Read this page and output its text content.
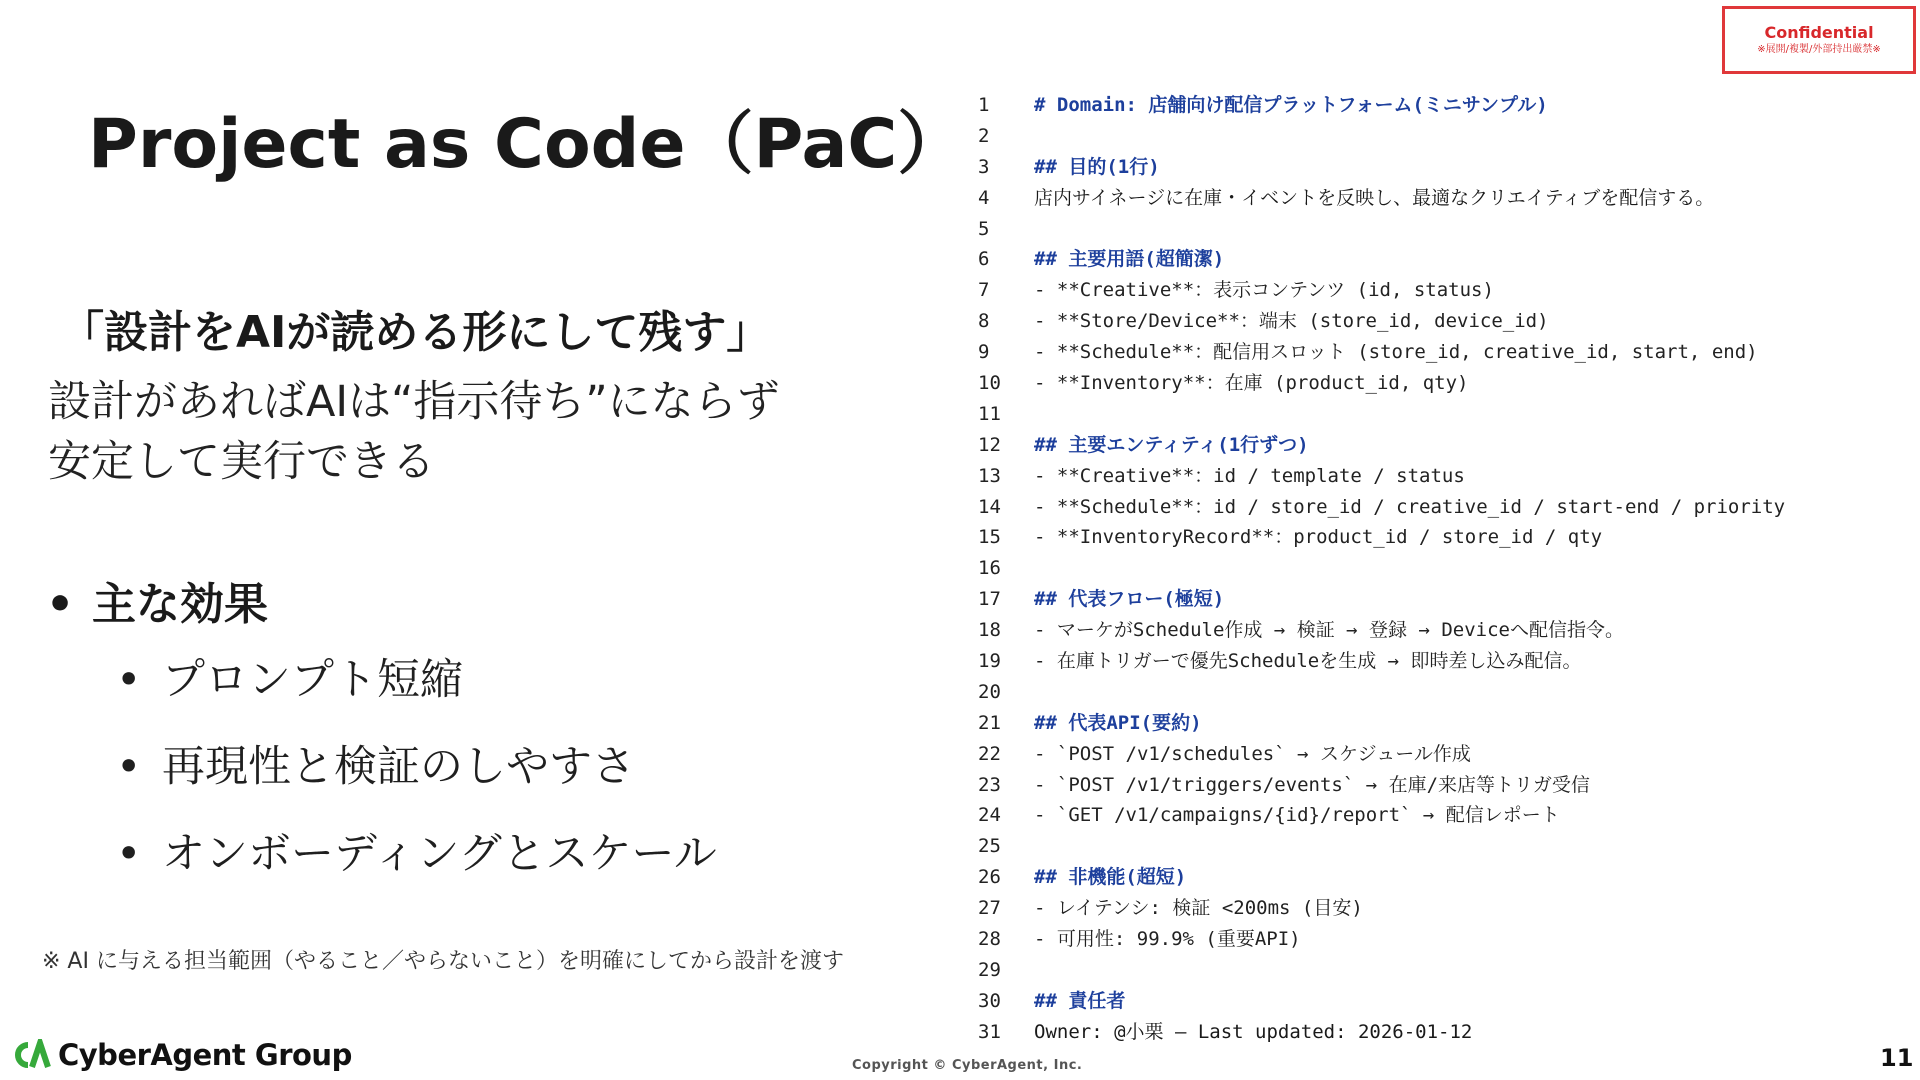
Confidential
※展開/複製/外部持出厳禁※
Project as Code（PaC）
「設計をAIが読める形にして残す」
設計があればAIは“指示待ち”にならず
安定して実行できる
• 主な効果
• プロンプト短縮
• 再現性と検証のしやすさ
• オンボーディングとスケール
※ AI に与える担当範囲（やること／やらないこと）を明確にしてから設計を渡す
1 # Domain: 店舗向け配信プラットフォーム(ミニサンプル)
2
3 ## 目的(1行)
4 店内サイネージに在庫・イベントを反映し、最適なクリエイティブを配信する。
5
6 ## 主要用語(超簡潔)
7 - **Creative**：表示コンテンツ (id, status)
8 - **Store/Device**：端末 (store_id, device_id)
9 - **Schedule**：配信用スロット (store_id, creative_id, start, end)
10 - **Inventory**：在庫 (product_id, qty)
11
12 ## 主要エンティティ(1行ずつ)
13 - **Creative**：id / template / status
14 - **Schedule**：id / store_id / creative_id / start-end / priority
15 - **InventoryRecord**：product_id / store_id / qty
16
17 ## 代表フロー(極短)
18 - マーケがSchedule作成 → 検証 → 登録 → Deviceへ配信指令。
19 - 在庫トリガーで優先Scheduleを生成 → 即時差し込み配信。
20
21 ## 代表API(要約)
22 - `POST /v1/schedules` → スケジュール作成
23 - `POST /v1/triggers/events` → 在庫/来店等トリガ受信
24 - `GET /v1/campaigns/{id}/report` → 配信レポート
25
26 ## 非機能(超短)
27 - レイテンシ: 検証 <200ms (目安)
28 - 可用性: 99.9% (重要API)
29
30 ## 責任者
31 Owner: @小栗 — Last updated: 2026-01-12
CyberAgent Group	Copyright © CyberAgent, Inc.	11
